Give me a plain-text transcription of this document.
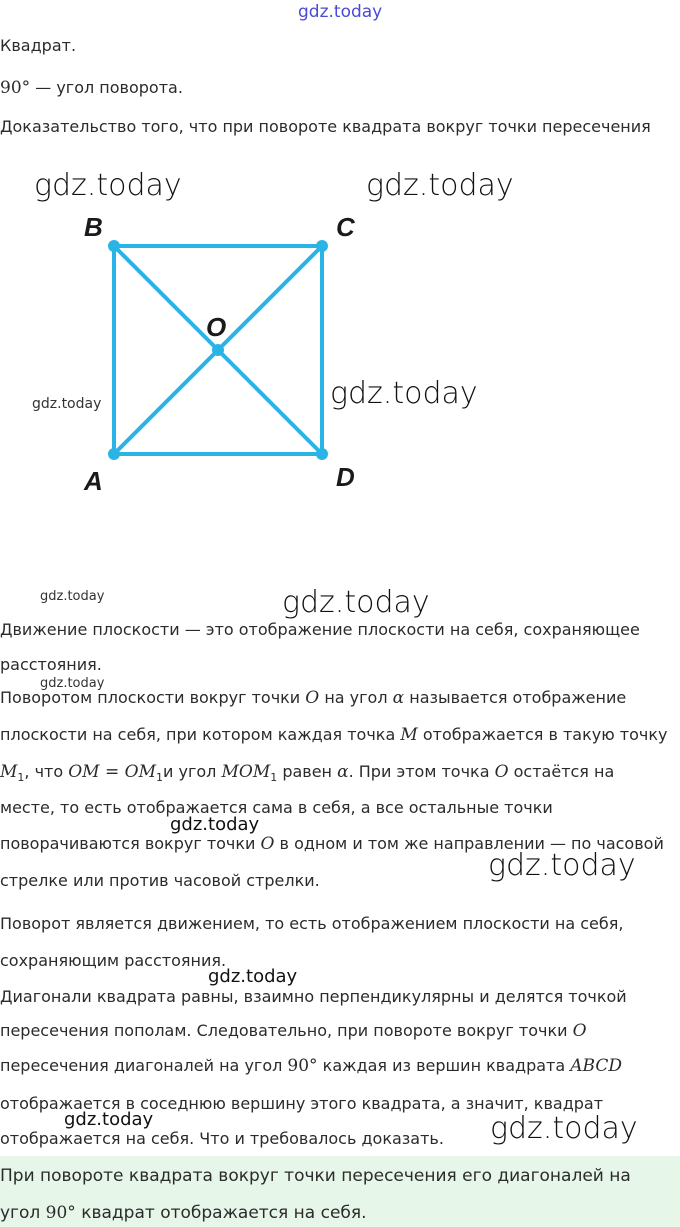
gdz.today
Квадрат.
90° — угол поворота.
Доказательство того, что при повороте квадрата вокруг точки пересечения
B	C
O
A	D
gdz.today	gdz.today
gdz.today	gdz.today
gdz.today	gdz.today
Движение плоскости — это отображение плоскости на себя, сохраняющее
расстояния.
gdz.today
Поворотом плоскости вокруг точки O на угол α называется отображение
плоскости на себя, при котором каждая точка M отображается в такую точку
$M_1$, что OM = $OM_1и$ угол $MOM_1$ равен α. При этом точка O остаётся на
месте, то есть отображается сама в себя, а все остальные точки
gdz.today
поворачиваются вокруг точки O в одном и том же направлении — по часовой
gdz.today
стрелке или против часовой стрелки.
Поворот является движением, то есть отображением плоскости на себя,
сохраняющим расстояния.
gdz.today
Диагонали квадрата равны, взаимно перпендикулярны и делятся точкой
пересечения пополам. Следовательно, при повороте вокруг точки O
пересечения диагоналей на угол 90° каждая из вершин квадрата ABCD
отображается в соседнюю вершину этого квадрата, а значит, квадрат
gdz.today
отображается на себя. Что и требовалось доказать. gdz.today
При повороте квадрата вокруг точки пересечения его диагоналей на
угол 90° квадрат отображается на себя.
